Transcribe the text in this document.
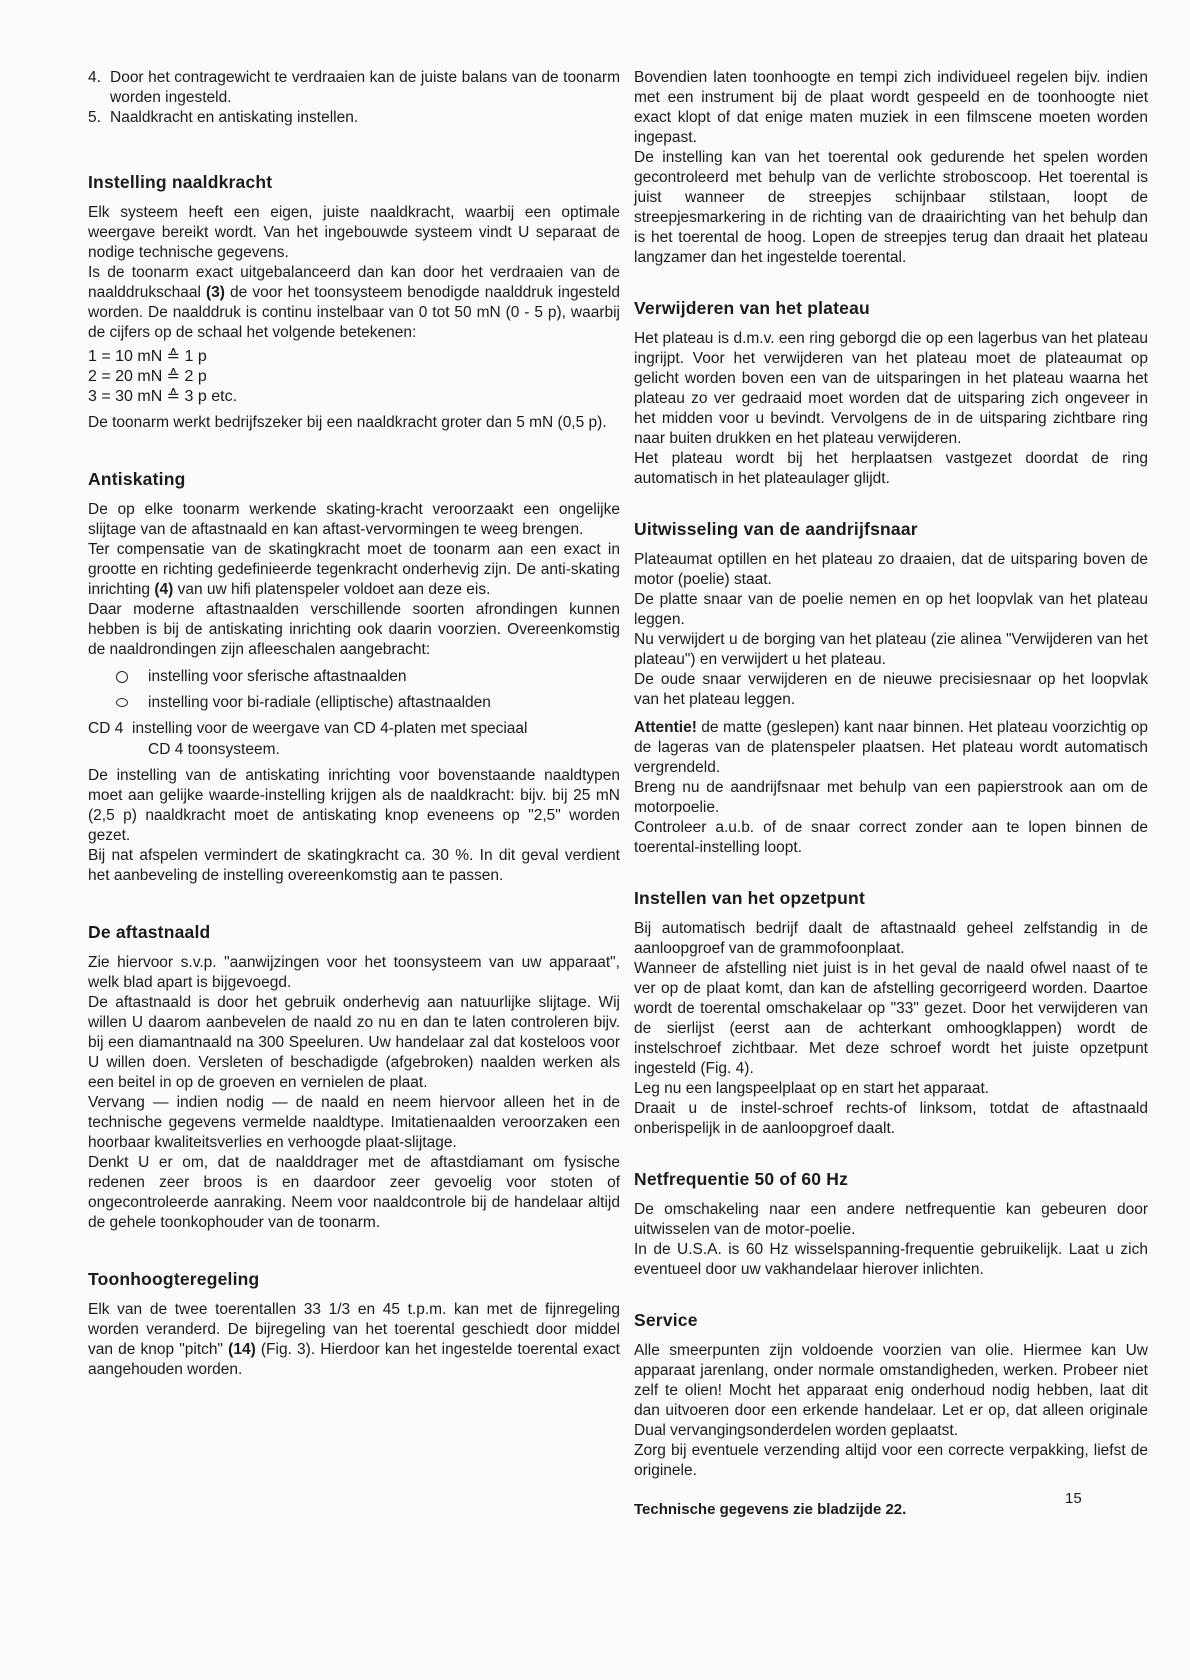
4. Door het contragewicht te verdraaien kan de juiste balans van de toonarm worden ingesteld.
5. Naaldkracht en antiskating instellen.
Instelling naaldkracht

Elk systeem heeft een eigen, juiste naaldkracht, waarbij een optimale weergave bereikt wordt. Van het ingebouwde systeem vindt U separaat de nodige technische gegevens.

Is de toonarm exact uitgebalanceerd dan kan door het verdraaien van de naalddrukschaal (3) de voor het toonsysteem benodigde naalddruk ingesteld worden. De naalddruk is continu instelbaar van 0 tot 50 mN (0 - 5 p), waarbij de cijfers op de schaal het volgende betekenen:

1 = 10 mN ≙ 1 p
2 = 20 mN ≙ 2 p
3 = 30 mN ≙ 3 p etc.

De toonarm werkt bedrijfszeker bij een naaldkracht groter dan 5 mN (0,5 p).

Antiskating

De op elke toonarm werkende skating-kracht veroorzaakt een ongelijke slijtage van de aftastnaald en kan aftast-vervormingen te weeg brengen.

Ter compensatie van de skatingkracht moet de toonarm aan een exact in grootte en richting gedefinieerde tegenkracht onderhevig zijn. De anti-skating inrichting (4) van uw hifi platenspeler voldoet aan deze eis.

Daar moderne aftastnaalden verschillende soorten afrondingen kunnen hebben is bij de antiskating inrichting ook daarin voorzien. Overeenkomstig de naaldrondingen zijn afleeschalen aangebracht:

instelling voor sferische aftastnaalden
instelling voor bi-radiale (elliptische) aftastnaalden
CD 4 instelling voor de weergave van CD 4-platen met speciaal
CD 4 toonsysteem.

De instelling van de antiskating inrichting voor bovenstaande naaldtypen moet aan gelijke waarde-instelling krijgen als de naaldkracht: bijv. bij 25 mN (2,5 p) naaldkracht moet de antiskating knop eveneens op "2,5" worden gezet.

Bij nat afspelen vermindert de skatingkracht ca. 30 %. In dit geval verdient het aanbeveling de instelling overeenkomstig aan te passen.

De aftastnaald

Zie hiervoor s.v.p. "aanwijzingen voor het toonsysteem van uw apparaat", welk blad apart is bijgevoegd.

De aftastnaald is door het gebruik onderhevig aan natuurlijke slijtage. Wij willen U daarom aanbevelen de naald zo nu en dan te laten controleren bijv. bij een diamantnaald na 300 Speeluren. Uw handelaar zal dat kosteloos voor U willen doen. Versleten of beschadigde (afgebroken) naalden werken als een beitel in op de groeven en vernielen de plaat.

Vervang — indien nodig — de naald en neem hiervoor alleen het in de technische gegevens vermelde naaldtype. Imitatienaalden veroorzaken een hoorbaar kwaliteitsverlies en verhoogde plaat-slijtage.

Denkt U er om, dat de naalddrager met de aftastdiamant om fysische redenen zeer broos is en daardoor zeer gevoelig voor stoten of ongecontroleerde aanraking. Neem voor naaldcontrole bij de handelaar altijd de gehele toonkophouder van de toonarm.

Toonhoogteregeling

Elk van de twee toerentallen 33 1/3 en 45 t.p.m. kan met de fijnregeling worden veranderd. De bijregeling van het toerental geschiedt door middel van de knop "pitch" (14) (Fig. 3). Hierdoor kan het ingestelde toerental exact aangehouden worden.

Bovendien laten toonhoogte en tempi zich individueel regelen bijv. indien met een instrument bij de plaat wordt gespeeld en de toonhoogte niet exact klopt of dat enige maten muziek in een filmscene moeten worden ingepast.

De instelling kan van het toerental ook gedurende het spelen worden gecontroleerd met behulp van de verlichte stroboscoop. Het toerental is juist wanneer de streepjes schijnbaar stilstaan, loopt de streepjesmarkering in de richting van de draairichting van het behulp dan is het toerental de hoog. Lopen de streepjes terug dan draait het plateau langzamer dan het ingestelde toerental.

Verwijderen van het plateau

Het plateau is d.m.v. een ring geborgd die op een lagerbus van het plateau ingrijpt. Voor het verwijderen van het plateau moet de plateaumat op gelicht worden boven een van de uitsparingen in het plateau waarna het plateau zo ver gedraaid moet worden dat de uitsparing zich ongeveer in het midden voor u bevindt. Vervolgens de in de uitsparing zichtbare ring naar buiten drukken en het plateau verwijderen.

Het plateau wordt bij het herplaatsen vastgezet doordat de ring automatisch in het plateaulager glijdt.

Uitwisseling van de aandrijfsnaar

Plateaumat optillen en het plateau zo draaien, dat de uitsparing boven de motor (poelie) staat.

De platte snaar van de poelie nemen en op het loopvlak van het plateau leggen.

Nu verwijdert u de borging van het plateau (zie alinea "Verwijderen van het plateau") en verwijdert u het plateau.

De oude snaar verwijderen en de nieuwe precisiesnaar op het loopvlak van het plateau leggen.

Attentie! de matte (geslepen) kant naar binnen. Het plateau voorzichtig op de lageras van de platenspeler plaatsen. Het plateau wordt automatisch vergrendeld.

Breng nu de aandrijfsnaar met behulp van een papierstrook aan om de motorpoelie.

Controleer a.u.b. of de snaar correct zonder aan te lopen binnen de toerental-instelling loopt.

Instellen van het opzetpunt

Bij automatisch bedrijf daalt de aftastnaald geheel zelfstandig in de aanloopgroef van de grammofoonplaat.

Wanneer de afstelling niet juist is in het geval de naald ofwel naast of te ver op de plaat komt, dan kan de afstelling gecorrigeerd worden. Daartoe wordt de toerental omschakelaar op "33" gezet. Door het verwijderen van de sierlijst (eerst aan de achterkant omhoogklappen) wordt de instelschroef zichtbaar. Met deze schroef wordt het juiste opzetpunt ingesteld (Fig. 4).

Leg nu een langspeelplaat op en start het apparaat.

Draait u de instel-schroef rechts-of linksom, totdat de aftastnaald onberispelijk in de aanloopgroef daalt.

Netfrequentie 50 of 60 Hz

De omschakeling naar een andere netfrequentie kan gebeuren door uitwisselen van de motor-poelie.

In de U.S.A. is 60 Hz wisselspanning-frequentie gebruikelijk. Laat u zich eventueel door uw vakhandelaar hierover inlichten.

Service

Alle smeerpunten zijn voldoende voorzien van olie. Hiermee kan Uw apparaat jarenlang, onder normale omstandigheden, werken. Probeer niet zelf te olien! Mocht het apparaat enig onderhoud nodig hebben, laat dit dan uitvoeren door een erkende handelaar. Let er op, dat alleen originale Dual vervangingsonderdelen worden geplaatst.

Zorg bij eventuele verzending altijd voor een correcte verpakking, liefst de originele.

Technische gegevens zie bladzijde 22.
15
